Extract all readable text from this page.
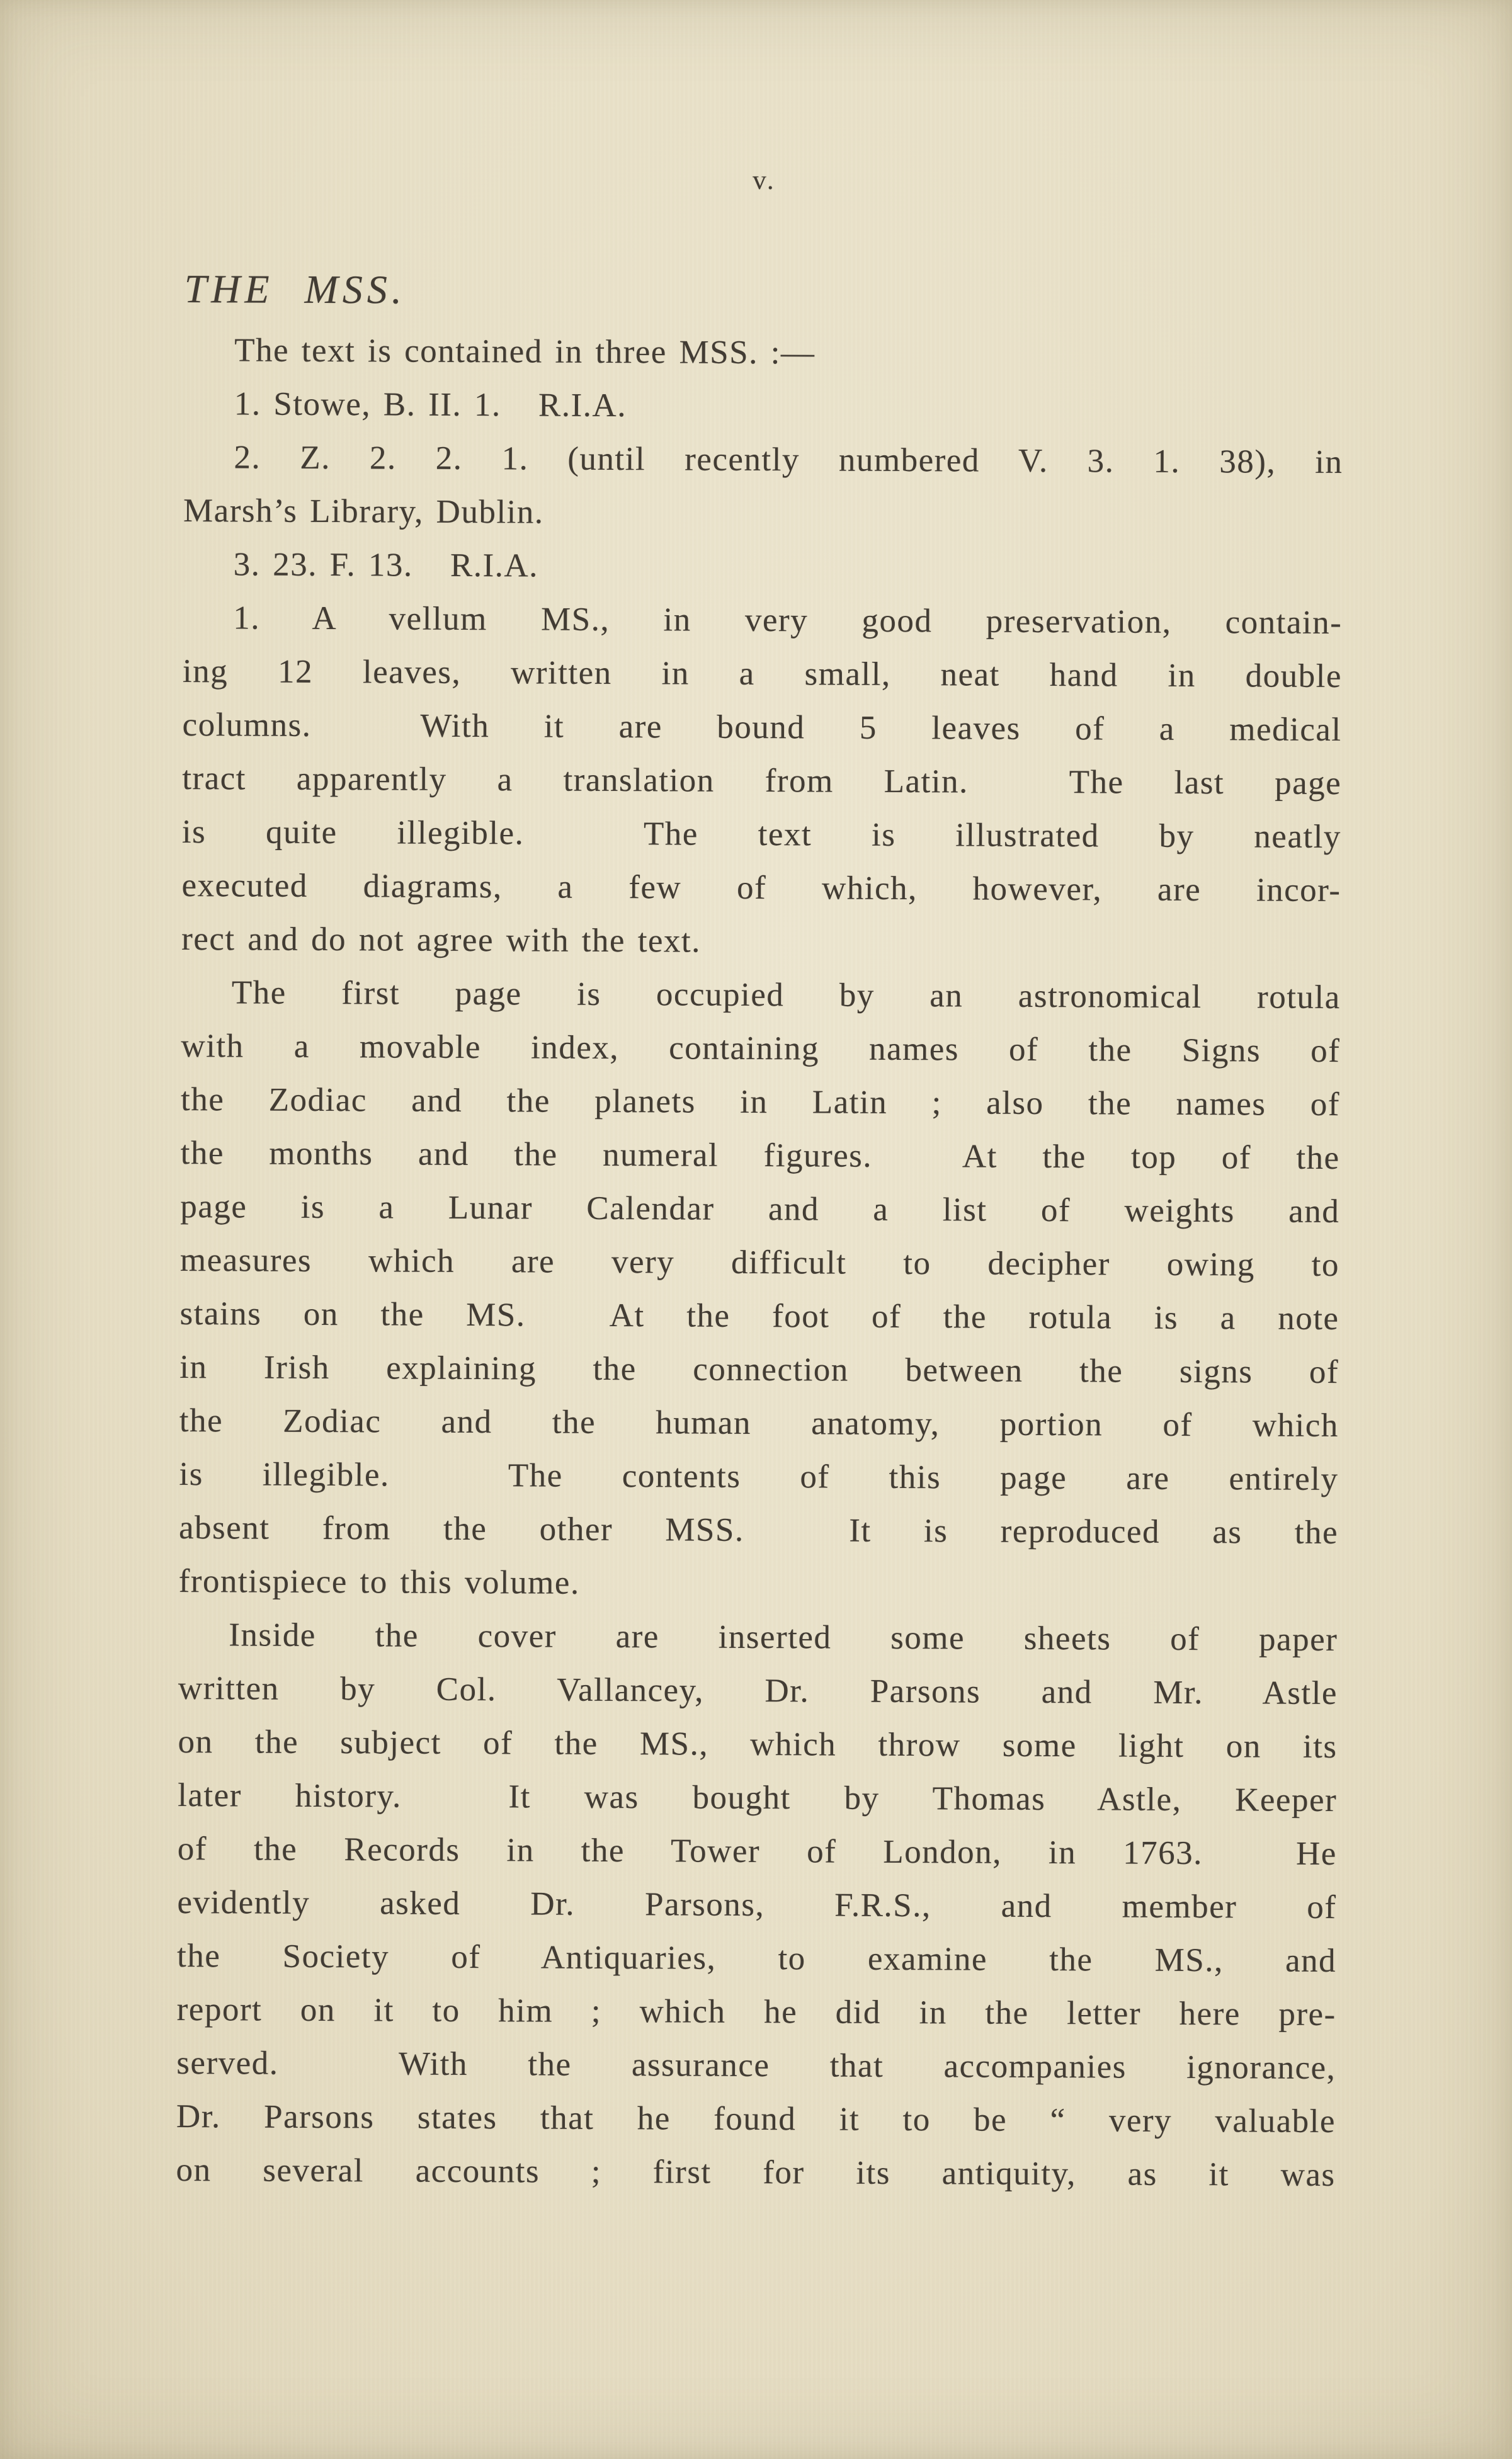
v.
THE MSS.
The text is contained in three MSS. :—
1. Stowe, B. II. 1.   R.I.A.
2. Z. 2. 2. 1. (until recently numbered V. 3. 1. 38), in
Marsh’s Library, Dublin.
3. 23. F. 13.   R.I.A.
1. A vellum MS., in very good preservation, contain-
ing 12 leaves, written in a small, neat hand in double
columns.  With it are bound 5 leaves of a medical
tract apparently a translation from Latin.  The last page
is quite illegible.  The text is illustrated by neatly
executed diagrams, a few of which, however, are incor-
rect and do not agree with the text.
The first page is occupied by an astronomical rotula
with a movable index, containing names of the Signs of
the Zodiac and the planets in Latin ; also the names of
the months and the numeral figures.  At the top of the
page is a Lunar Calendar and a list of weights and
measures which are very difficult to decipher owing to
stains on the MS.  At the foot of the rotula is a note
in Irish explaining the connection between the signs of
the Zodiac and the human anatomy, portion of which
is illegible.  The contents of this page are entirely
absent from the other MSS.  It is reproduced as the
frontispiece to this volume.
Inside the cover are inserted some sheets of paper
written by Col. Vallancey, Dr. Parsons and Mr. Astle
on the subject of the MS., which throw some light on its
later history.  It was bought by Thomas Astle, Keeper
of the Records in the Tower of London, in 1763.  He
evidently asked Dr. Parsons, F.R.S., and member of
the Society of Antiquaries, to examine the MS., and
report on it to him ; which he did in the letter here pre-
served.  With the assurance that accompanies ignorance,
Dr. Parsons states that he found it to be “ very valuable
on several accounts ; first for its antiquity, as it was
